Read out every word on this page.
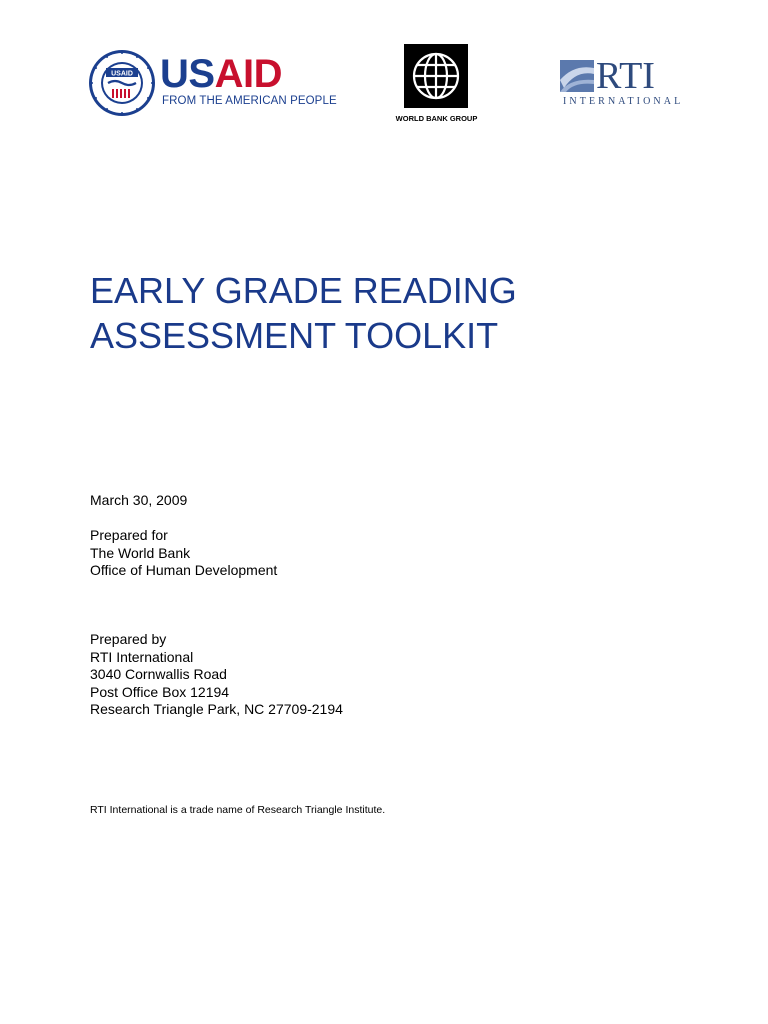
USAID USAID
FROM THE AMERICAN PEOPLE
WORLD BANK GROUP
RTI
INTERNATIONAL
EARLY GRADE READING
ASSESSMENT TOOLKIT
March 30, 2009
Prepared for
The World Bank
Office of Human Development
Prepared by
RTI International
3040 Cornwallis Road
Post Office Box 12194
Research Triangle Park, NC 27709-2194
RTI International is a trade name of Research Triangle Institute.
